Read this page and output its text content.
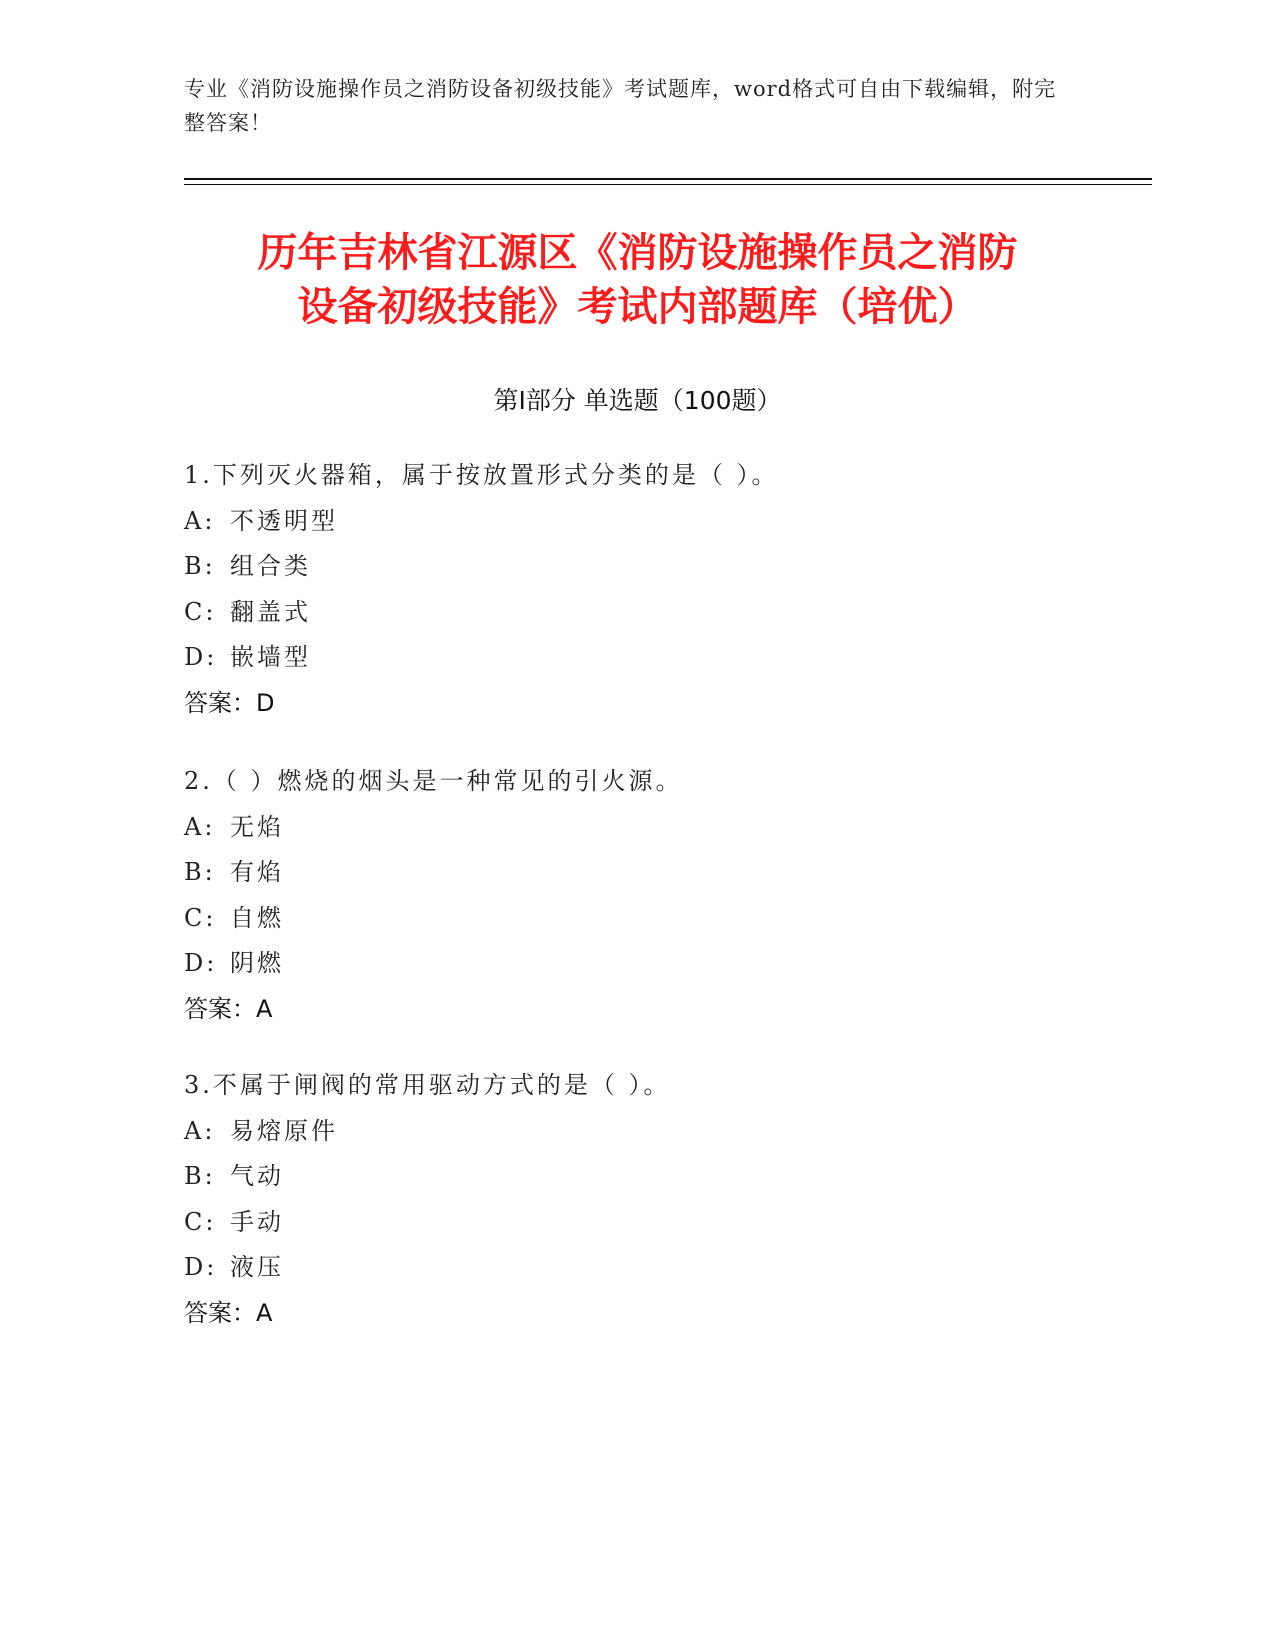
专业《消防设施操作员之消防设备初级技能》考试题库，word格式可自由下载编辑，附完整答案！
历年吉林省江源区《消防设施操作员之消防
设备初级技能》考试内部题库（培优）
第Ⅰ部分 单选题（100题）
1.下列灭火器箱，属于按放置形式分类的是（ ）。
A: 不透明型
B: 组合类
C: 翻盖式
D: 嵌墙型
答案：D
2.（ ）燃烧的烟头是一种常见的引火源。
A: 无焰
B: 有焰
C: 自燃
D: 阴燃
答案：A
3.不属于闸阀的常用驱动方式的是（ ）。
A: 易熔原件
B: 气动
C: 手动
D: 液压
答案：A
